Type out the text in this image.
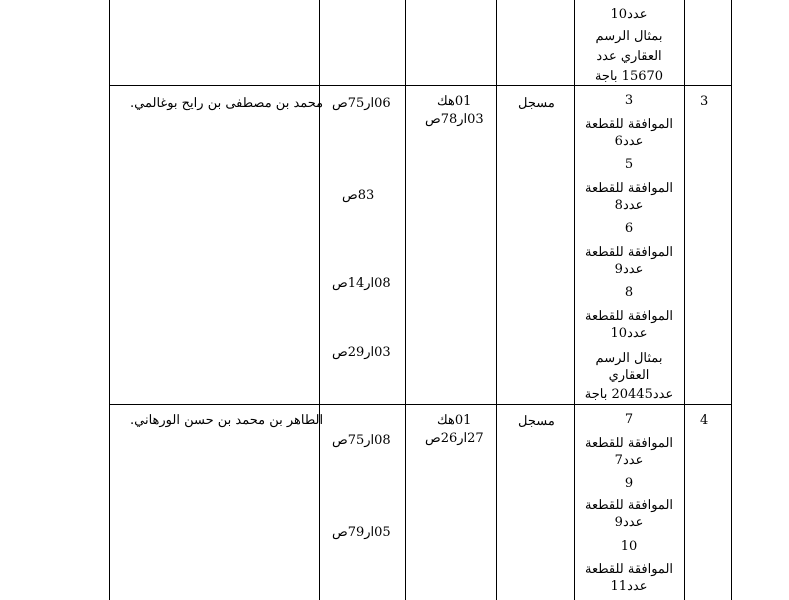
عدد10
بمثال الرسم
العقاري عدد
15670 باجة
3
محمد بن مصطفى بن رايح بوغالمي.	مسجل
01هك
03ار78ص
06ار75ص
83ص
08ار14ص
03ار29ص
3
الموافقة للقطعة
عدد6
5
الموافقة للقطعة
عدد8
6
الموافقة للقطعة
عدد9
8
الموافقة للقطعة
عدد10
بمثال الرسم
العقاري
عدد20445 باجة
4
الطاهر بن محمد بن حسن الورهاني.	مسجل
01هك
27ار26ص
08ار75ص
05ار79ص
7
الموافقة للقطعة
عدد7
9
الموافقة للقطعة
عدد9
10
الموافقة للقطعة
عدد11
